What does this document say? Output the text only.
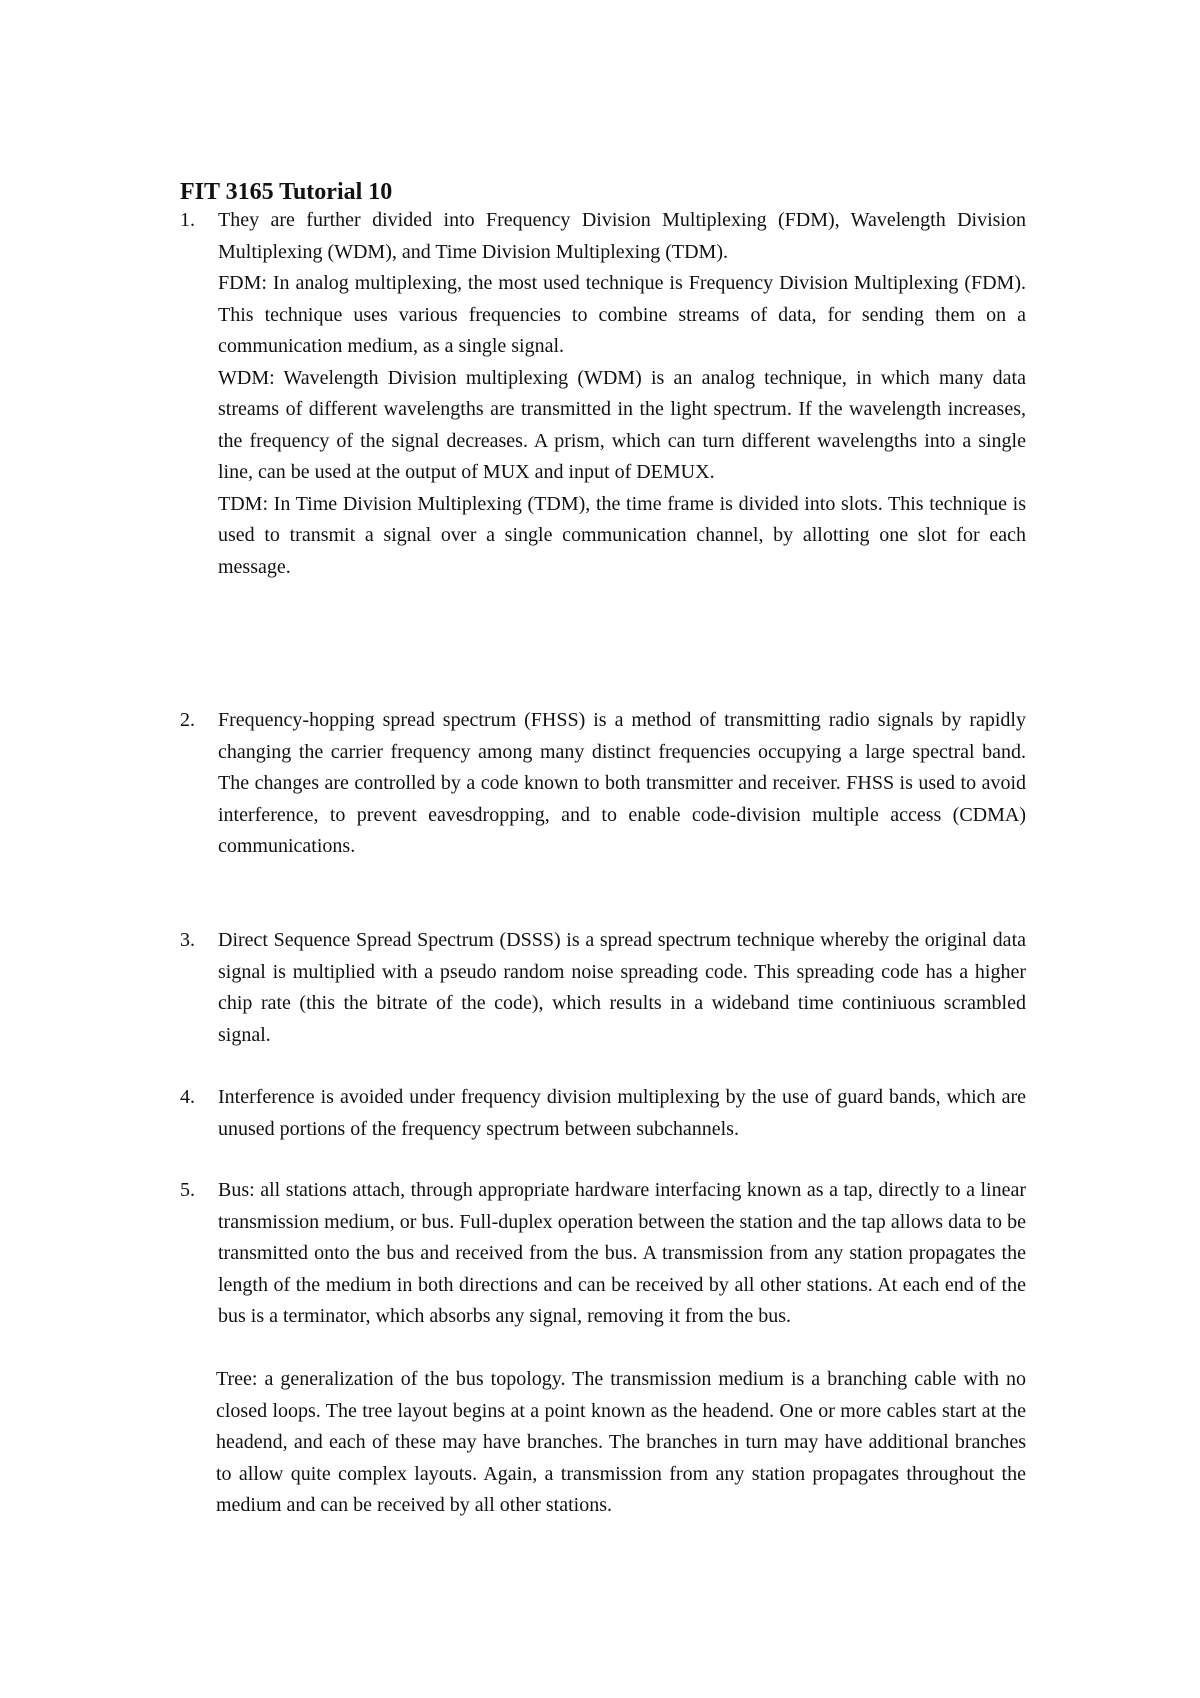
FIT 3165 Tutorial 10
1.	They are further divided into Frequency Division Multiplexing (FDM), Wavelength Division Multiplexing (WDM), and Time Division Multiplexing (TDM).

FDM: In analog multiplexing, the most used technique is Frequency Division Multiplexing (FDM). This technique uses various frequencies to combine streams of data, for sending them on a communication medium, as a single signal.

WDM: Wavelength Division multiplexing (WDM) is an analog technique, in which many data streams of different wavelengths are transmitted in the light spectrum. If the wavelength increases, the frequency of the signal decreases. A prism, which can turn different wavelengths into a single line, can be used at the output of MUX and input of DEMUX.

TDM: In Time Division Multiplexing (TDM), the time frame is divided into slots. This technique is used to transmit a signal over a single communication channel, by allotting one slot for each message.

2.	Frequency-hopping spread spectrum (FHSS) is a method of transmitting radio signals by rapidly changing the carrier frequency among many distinct frequencies occupying a large spectral band. The changes are controlled by a code known to both transmitter and receiver. FHSS is used to avoid interference, to prevent eavesdropping, and to enable code-division multiple access (CDMA) communications.

3.	Direct Sequence Spread Spectrum (DSSS) is a spread spectrum technique whereby the original data signal is multiplied with a pseudo random noise spreading code. This spreading code has a higher chip rate (this the bitrate of the code), which results in a wideband time continiuous scrambled signal.

4.	Interference is avoided under frequency division multiplexing by the use of guard bands, which are unused portions of the frequency spectrum between subchannels.

5.	Bus: all stations attach, through appropriate hardware interfacing known as a tap, directly to a linear transmission medium, or bus. Full-duplex operation between the station and the tap allows data to be transmitted onto the bus and received from the bus. A transmission from any station propagates the length of the medium in both directions and can be received by all other stations. At each end of the bus is a terminator, which absorbs any signal, removing it from the bus.

Tree: a generalization of the bus topology. The transmission medium is a branching cable with no closed loops. The tree layout begins at a point known as the headend. One or more cables start at the headend, and each of these may have branches. The branches in turn may have additional branches to allow quite complex layouts. Again, a transmission from any station propagates throughout the medium and can be received by all other stations.
